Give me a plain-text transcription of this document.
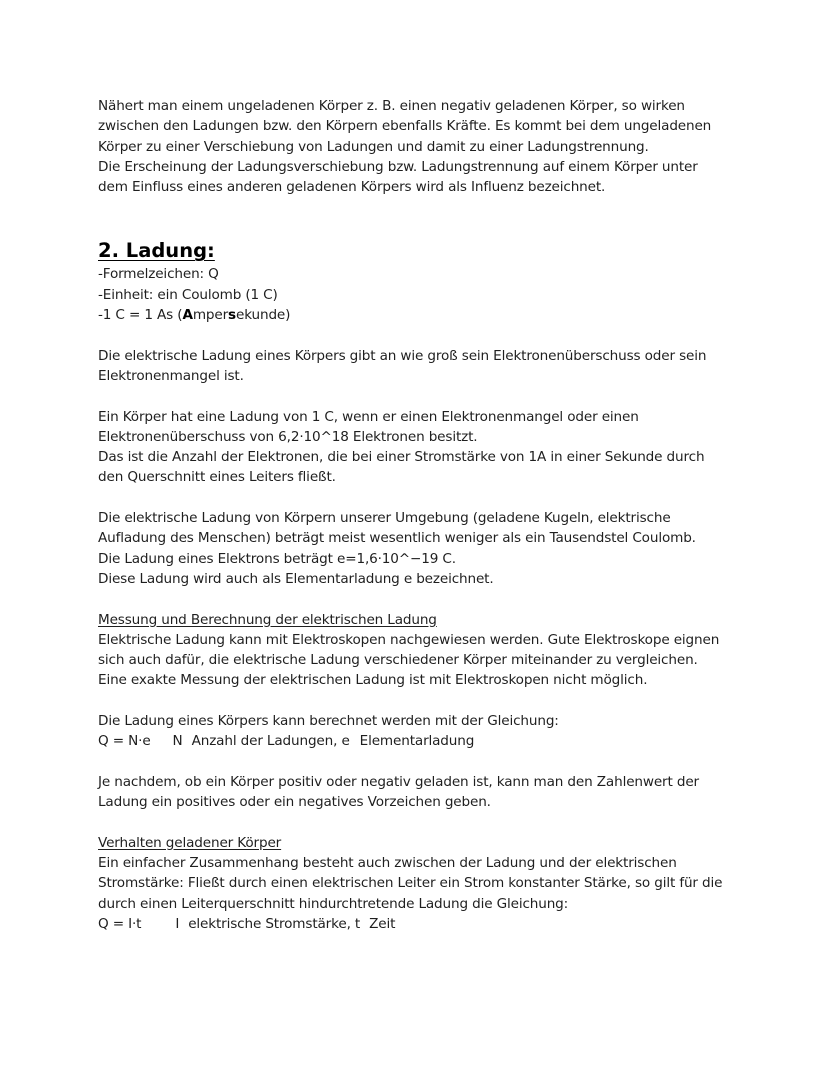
Nähert man einem ungeladenen Körper z. B. einen negativ geladenen Körper, so wirken

zwischen den Ladungen bzw. den Körpern ebenfalls Kräfte. Es kommt bei dem ungeladenen

Körper zu einer Verschiebung von Ladungen und damit zu einer Ladungstrennung.

Die Erscheinung der Ladungsverschiebung bzw. Ladungstrennung auf einem Körper unter

dem Einfluss eines anderen geladenen Körpers wird als Influenz bezeichnet.

2. Ladung:

-Formelzeichen: Q

-Einheit: ein Coulomb (1 C)

-1 C = 1 As (Ampersekunde)

Die elektrische Ladung eines Körpers gibt an wie groß sein Elektronenüberschuss oder sein

Elektronenmangel ist.

Ein Körper hat eine Ladung von 1 C, wenn er einen Elektronenmangel oder einen

Elektronenüberschuss von 6,2·10^18 Elektronen besitzt.

Das ist die Anzahl der Elektronen, die bei einer Stromstärke von 1A in einer Sekunde durch

den Querschnitt eines Leiters fließt.

Die elektrische Ladung von Körpern unserer Umgebung (geladene Kugeln, elektrische

Aufladung des Menschen) beträgt meist wesentlich weniger als ein Tausendstel Coulomb.

Die Ladung eines Elektrons beträgt e=1,6·10^−19 C.

Diese Ladung wird auch als Elementarladung e bezeichnet.

Messung und Berechnung der elektrischen Ladung

Elektrische Ladung kann mit Elektroskopen nachgewiesen werden. Gute Elektroskope eignen

sich auch dafür, die elektrische Ladung verschiedener Körper miteinander zu vergleichen.

Eine exakte Messung der elektrischen Ladung ist mit Elektroskopen nicht möglich.

Die Ladung eines Körpers kann berechnet werden mit der Gleichung:

Q = N·e N Anzahl der Ladungen, e Elementarladung

Je nachdem, ob ein Körper positiv oder negativ geladen ist, kann man den Zahlenwert der

Ladung ein positives oder ein negatives Vorzeichen geben.

Verhalten geladener Körper

Ein einfacher Zusammenhang besteht auch zwischen der Ladung und der elektrischen

Stromstärke: Fließt durch einen elektrischen Leiter ein Strom konstanter Stärke, so gilt für die

durch einen Leiterquerschnitt hindurchtretende Ladung die Gleichung:

Q = I·t	I elektrische Stromstärke, t Zeit
